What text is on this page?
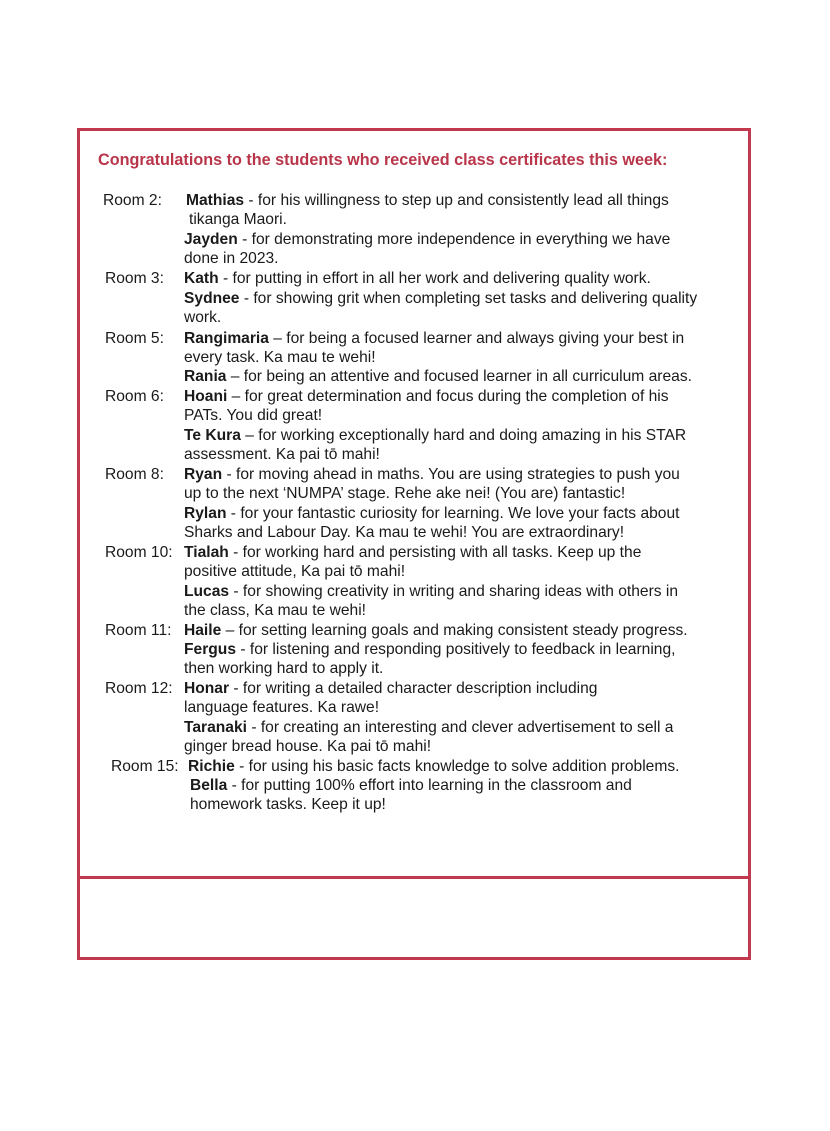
Congratulations to the students who received class certificates this week:
Room 2:
Room 3:
Room 5:
Room 6:
Room 8:
Room 10:
Room 11:
Room 12:
Room 15:
Mathias - for his willingness to step up and consistently lead all things
tikanga Maori.
Jayden - for demonstrating more independence in everything we have
done in 2023.
Kath - for putting in effort in all her work and delivering quality work.
Sydnee - for showing grit when completing set tasks and delivering quality
work.
Rangimaria – for being a focused learner and always giving your best in
every task. Ka mau te wehi!
Rania – for being an attentive and focused learner in all curriculum areas.
Hoani – for great determination and focus during the completion of his
PATs. You did great!
Te Kura – for working exceptionally hard and doing amazing in his STAR
assessment. Ka pai tō mahi!
Ryan - for moving ahead in maths. You are using strategies to push you
up to the next ‘NUMPA’ stage. Rehe ake nei! (You are) fantastic!
Rylan - for your fantastic curiosity for learning. We love your facts about
Sharks and Labour Day. Ka mau te wehi! You are extraordinary!
Tialah - for working hard and persisting with all tasks. Keep up the
positive attitude, Ka pai tō mahi!
Lucas - for showing creativity in writing and sharing ideas with others in
the class, Ka mau te wehi!
Haile – for setting learning goals and making consistent steady progress.
Fergus - for listening and responding positively to feedback in learning,
then working hard to apply it.
Honar - for writing a detailed character description including
language features. Ka rawe!
Taranaki - for creating an interesting and clever advertisement to sell a
ginger bread house. Ka pai tō mahi!
Richie - for using his basic facts knowledge to solve addition problems.
Bella - for putting 100% effort into learning in the classroom and
homework tasks. Keep it up!
